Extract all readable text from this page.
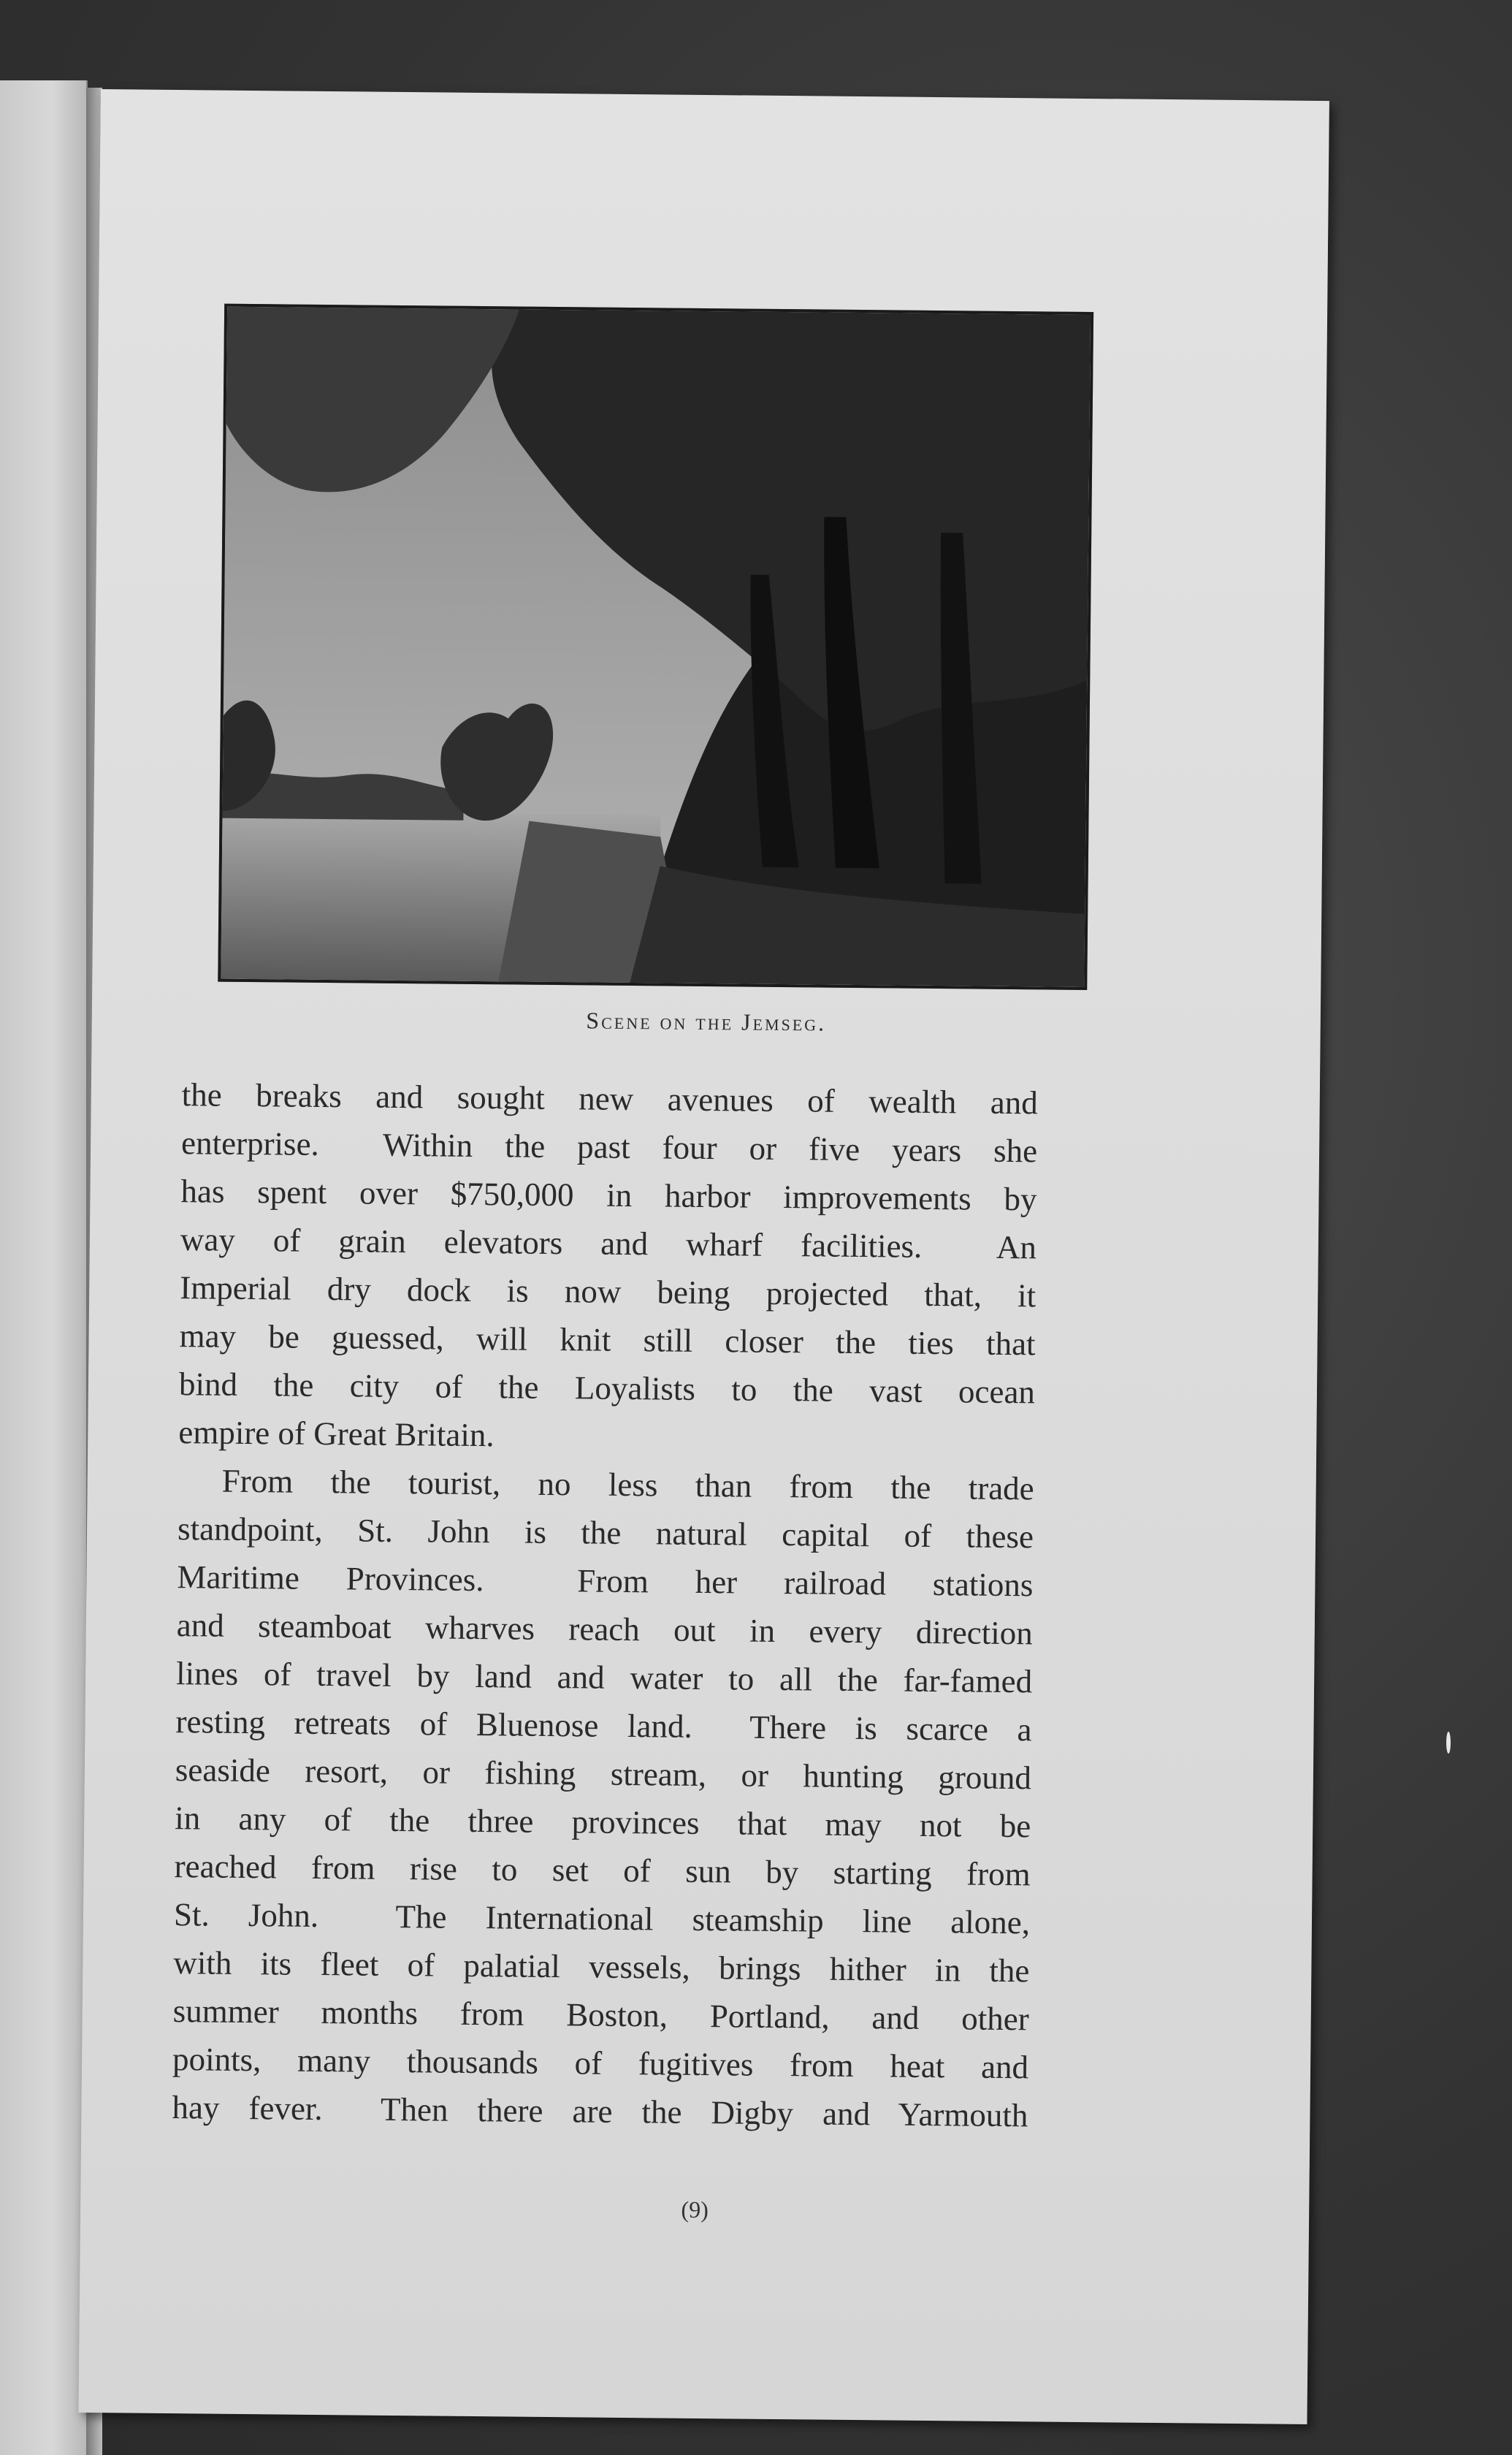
Scene on the Jemseg.
the breaks and sought new avenues of wealth and
enterprise.  Within the past four or five years she
has spent over $750,000 in harbor improvements by
way of grain elevators and wharf facilities.  An
Imperial dry dock is now being projected that, it
may be guessed, will knit still closer the ties that
bind the city of the Loyalists to the vast ocean
empire of Great Britain.
From the tourist, no less than from the trade
standpoint, St. John is the natural capital of these
Maritime Provinces.  From her railroad stations
and steamboat wharves reach out in every direction
lines of travel by land and water to all the far-famed
resting retreats of Bluenose land.  There is scarce a
seaside resort, or fishing stream, or hunting ground
in any of the three provinces that may not be
reached from rise to set of sun by starting from
St. John.  The International steamship line alone,
with its fleet of palatial vessels, brings hither in the
summer months from Boston, Portland, and other
points, many thousands of fugitives from heat and
hay fever.  Then there are the Digby and Yarmouth
(9)
